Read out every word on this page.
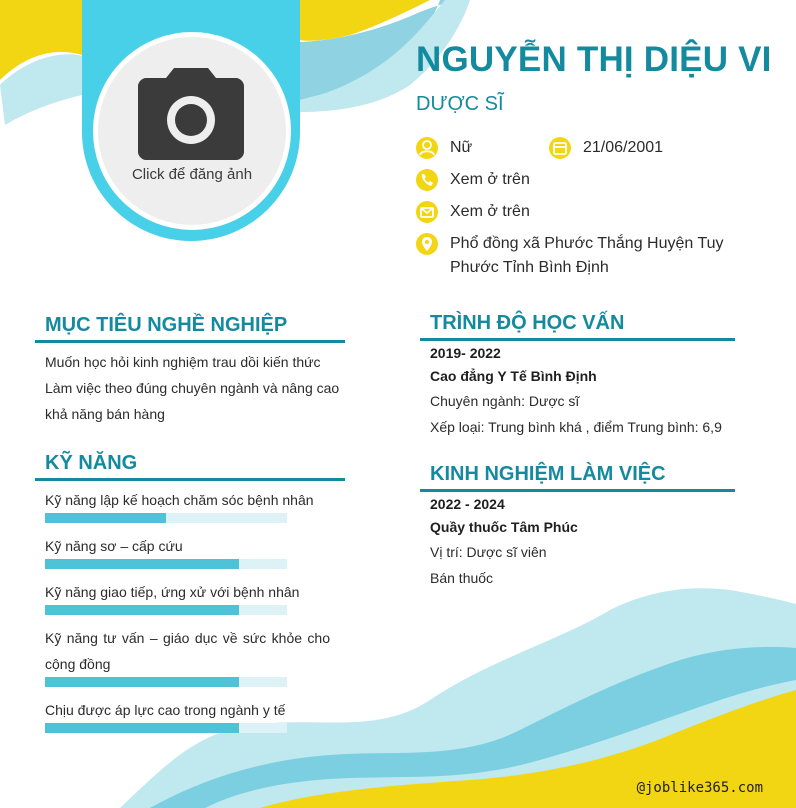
Click để đăng ảnh
NGUYỄN THỊ DIỆU VI
DƯỢC SĨ
Nữ	21/06/2001
Xem ở trên
Xem ở trên
Phổ đồng xã Phước Thắng Huyện Tuy
Phước Tỉnh Bình Định
MỤC TIÊU NGHỀ NGHIỆP
Muốn học hỏi kinh nghiệm trau dồi kiến thức
Làm việc theo đúng chuyên ngành và nâng cao
khả năng bán hàng
KỸ NĂNG
Kỹ năng lập kế hoạch chăm sóc bệnh nhân
Kỹ năng sơ – cấp cứu
Kỹ năng giao tiếp, ứng xử với bệnh nhân
Kỹ năng tư vấn – giáo dục về sức khỏe cho cộng đồng
Chịu được áp lực cao trong ngành y tế
TRÌNH ĐỘ HỌC VẤN
2019- 2022
Cao đẳng Y Tế Bình Định
Chuyên ngành: Dược sĩ
Xếp loại: Trung bình khá , điểm Trung bình: 6,9
KINH NGHIỆM LÀM VIỆC
2022 - 2024
Quầy thuốc Tâm Phúc
Vị trí: Dược sĩ viên
Bán thuốc
@joblike365.com
